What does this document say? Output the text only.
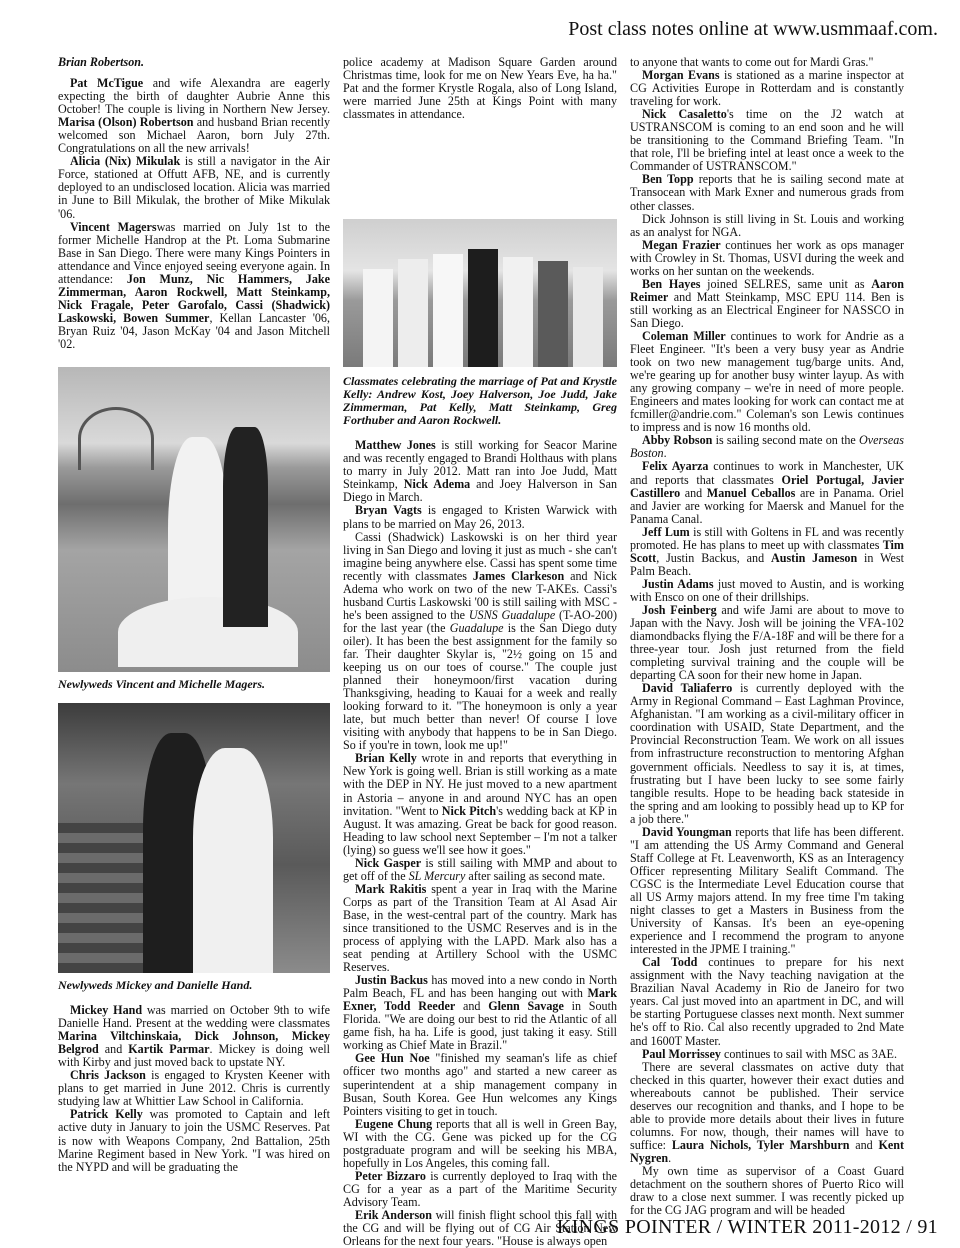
Post class notes online at www.usmmaaf.com.

Brian Robertson.

Pat McTigue and wife Alexandra are eagerly expecting the birth of daughter Aubrie Anne this October! The couple is living in Northern New Jersey. Marisa (Olson) Robertson and husband Brian recently welcomed son Michael Aaron, born July 27th. Congratulations on all the new arrivals!

Alicia (Nix) Mikulak is still a navigator in the Air Force, stationed at Offutt AFB, NE, and is currently deployed to an undisclosed location. Alicia was married in June to Bill Mikulak, the brother of Mike Mikulak '06.

Vincent Magerswas married on July 1st to the former Michelle Handrop at the Pt. Loma Submarine Base in San Diego. There were many Kings Pointers in attendance and Vince enjoyed seeing everyone again. In attendance: Jon Munz, Nic Hammers, Jake Zimmerman, Aaron Rockwell, Matt Steinkamp, Nick Fragale, Peter Garofalo, Cassi (Shadwick) Laskowski, Bowen Summer, Kellan Lancaster '06, Bryan Ruiz '04, Jason McKay '04 and Jason Mitchell '02.

Newlyweds Vincent and Michelle Magers.
Newlyweds Mickey and Danielle Hand.

Mickey Hand was married on October 9th to wife Danielle Hand. Present at the wedding were classmates Marina Viltchinskaia, Dick Johnson, Mickey Belgrod and Kartik Parmar. Mickey is doing well with Kirby and just moved back to upstate NY.

Chris Jackson is engaged to Krysten Keener with plans to get married in June 2012. Chris is currently studying law at Whittier Law School in California.

Patrick Kelly was promoted to Captain and left active duty in January to join the USMC Reserves. Pat is now with Weapons Company, 2nd Battalion, 25th Marine Regiment based in New York. "I was hired on the NYPD and will be graduating the

police academy at Madison Square Garden around Christmas time, look for me on New Years Eve, ha ha." Pat and the former Krystle Rogala, also of Long Island, were married June 25th at Kings Point with many classmates in attendance.

Classmates celebrating the marriage of Pat and Krystle Kelly: Andrew Kost, Joey Halverson, Joe Judd, Jake Zimmerman, Pat Kelly, Matt Steinkamp, Greg Forthuber and Aaron Rockwell.

Matthew Jones is still working for Seacor Marine and was recently engaged to Brandi Holthaus with plans to marry in July 2012. Matt ran into Joe Judd, Matt Steinkamp, Nick Adema and Joey Halverson in San Diego in March.

Bryan Vagts is engaged to Kristen Warwick with plans to be married on May 26, 2013.

Cassi (Shadwick) Laskowski is on her third year living in San Diego and loving it just as much - she can't imagine being anywhere else. Cassi has spent some time recently with classmates James Clarkeson and Nick Adema who work on two of the new T-AKEs. Cassi's husband Curtis Laskowski '00 is still sailing with MSC - he's been assigned to the USNS Guadalupe (T-AO-200) for the last year (the Guadalupe is the San Diego duty oiler). It has been the best assignment for the family so far. Their daughter Skylar is, "2½ going on 15 and keeping us on our toes of course." The couple just planned their honeymoon/first vacation during Thanksgiving, heading to Kauai for a week and really looking forward to it. "The honeymoon is only a year late, but much better than never! Of course I love visiting with anybody that happens to be in San Diego. So if you're in town, look me up!"

Brian Kelly wrote in and reports that everything in New York is going well. Brian is still working as a mate with the DEP in NY. He just moved to a new apartment in Astoria – anyone in and around NYC has an open invitation. "Went to Nick Pitch's wedding back at KP in August. It was amazing. Great be back for good reason. Heading to law school next September – I'm not a talker (lying) so guess we'll see how it goes."

Nick Gasper is still sailing with MMP and about to get off of the SL Mercury after sailing as second mate.

Mark Rakitis spent a year in Iraq with the Marine Corps as part of the Transition Team at Al Asad Air Base, in the west-central part of the country. Mark has since transitioned to the USMC Reserves and is in the process of applying with the LAPD. Mark also has a seat pending at Artillery School with the USMC Reserves.

Justin Backus has moved into a new condo in North Palm Beach, FL and has been hanging out with Mark Exner, Todd Reeder and Glenn Savage in South Florida. "We are doing our best to rid the Atlantic of all game fish, ha ha. Life is good, just taking it easy. Still working as Chief Mate in Brazil."

Gee Hun Noe "finished my seaman's life as chief officer two months ago" and started a new career as superintendent at a ship management company in Busan, South Korea. Gee Hun welcomes any Kings Pointers visiting to get in touch.

Eugene Chung reports that all is well in Green Bay, WI with the CG. Gene was picked up for the CG postgraduate program and will be seeking his MBA, hopefully in Los Angeles, this coming fall.

Peter Bizzaro is currently deployed to Iraq with the CG for a year as a part of the Maritime Security Advisory Team.

Erik Anderson will finish flight school this fall with the CG and will be flying out of CG Air Station New Orleans for the next four years. "House is always open

to anyone that wants to come out for Mardi Gras."

Morgan Evans is stationed as a marine inspector at CG Activities Europe in Rotterdam and is constantly traveling for work.

Nick Casaletto's time on the J2 watch at USTRANSCOM is coming to an end soon and he will be transitioning to the Command Briefing Team. "In that role, I'll be briefing intel at least once a week to the Commander of USTRANSCOM."

Ben Topp reports that he is sailing second mate at Transocean with Mark Exner and numerous grads from other classes.

Dick Johnson is still living in St. Louis and working as an analyst for NGA.

Megan Frazier continues her work as ops manager with Crowley in St. Thomas, USVI during the week and works on her suntan on the weekends.

Ben Hayes joined SELRES, same unit as Aaron Reimer and Matt Steinkamp, MSC EPU 114. Ben is still working as an Electrical Engineer for NASSCO in San Diego.

Coleman Miller continues to work for Andrie as a Fleet Engineer. "It's been a very busy year as Andrie took on two new management tug/barge units. And, we're gearing up for another busy winter layup. As with any growing company – we're in need of more people. Engineers and mates looking for work can contact me at fcmiller@andrie.com." Coleman's son Lewis continues to impress and is now 16 months old.

Abby Robson is sailing second mate on the Overseas Boston.

Felix Ayarza continues to work in Manchester, UK and reports that classmates Oriel Portugal, Javier Castillero and Manuel Ceballos are in Panama. Oriel and Javier are working for Maersk and Manuel for the Panama Canal.

Jeff Lum is still with Goltens in FL and was recently promoted. He has plans to meet up with classmates Tim Scott, Justin Backus, and Austin Jameson in West Palm Beach.

Justin Adams just moved to Austin, and is working with Ensco on one of their drillships.

Josh Feinberg and wife Jami are about to move to Japan with the Navy. Josh will be joining the VFA-102 diamondbacks flying the F/A-18F and will be there for a three-year tour. Josh just returned from the field completing survival training and the couple will be departing CA soon for their new home in Japan.

David Taliaferro is currently deployed with the Army in Regional Command – East Laghman Province, Afghanistan. "I am working as a civil-military officer in coordination with USAID, State Department, and the Provincial Reconstruction Team. We work on all issues from infrastructure reconstruction to mentoring Afghan government officials. Needless to say it is, at times, frustrating but I have been lucky to see some fairly tangible results. Hope to be heading back stateside in the spring and am looking to possibly head up to KP for a job there."

David Youngman reports that life has been different. "I am attending the US Army Command and General Staff College at Ft. Leavenworth, KS as an Interagency Officer representing Military Sealift Command. The CGSC is the Intermediate Level Education course that all US Army majors attend. In my free time I'm taking night classes to get a Masters in Business from the University of Kansas. It's been an eye-opening experience and I recommend the program to anyone interested in the JPME I training."

Cal Todd continues to prepare for his next assignment with the Navy teaching navigation at the Brazilian Naval Academy in Rio de Janeiro for two years. Cal just moved into an apartment in DC, and will be starting Portuguese classes next month. Next summer he's off to Rio. Cal also recently upgraded to 2nd Mate and 1600T Master.

Paul Morrissey continues to sail with MSC as 3AE.

There are several classmates on active duty that checked in this quarter, however their exact duties and whereabouts cannot be published. Their service deserves our recognition and thanks, and I hope to be able to provide more details about their lives in future columns. For now, though, their names will have to suffice: Laura Nichols, Tyler Marshburn and Kent Nygren.

My own time as supervisor of a Coast Guard detachment on the southern shores of Puerto Rico will draw to a close next summer. I was recently picked up for the CG JAG program and will be headed

KINGS POINTER / WINTER 2011-2012 / 91
